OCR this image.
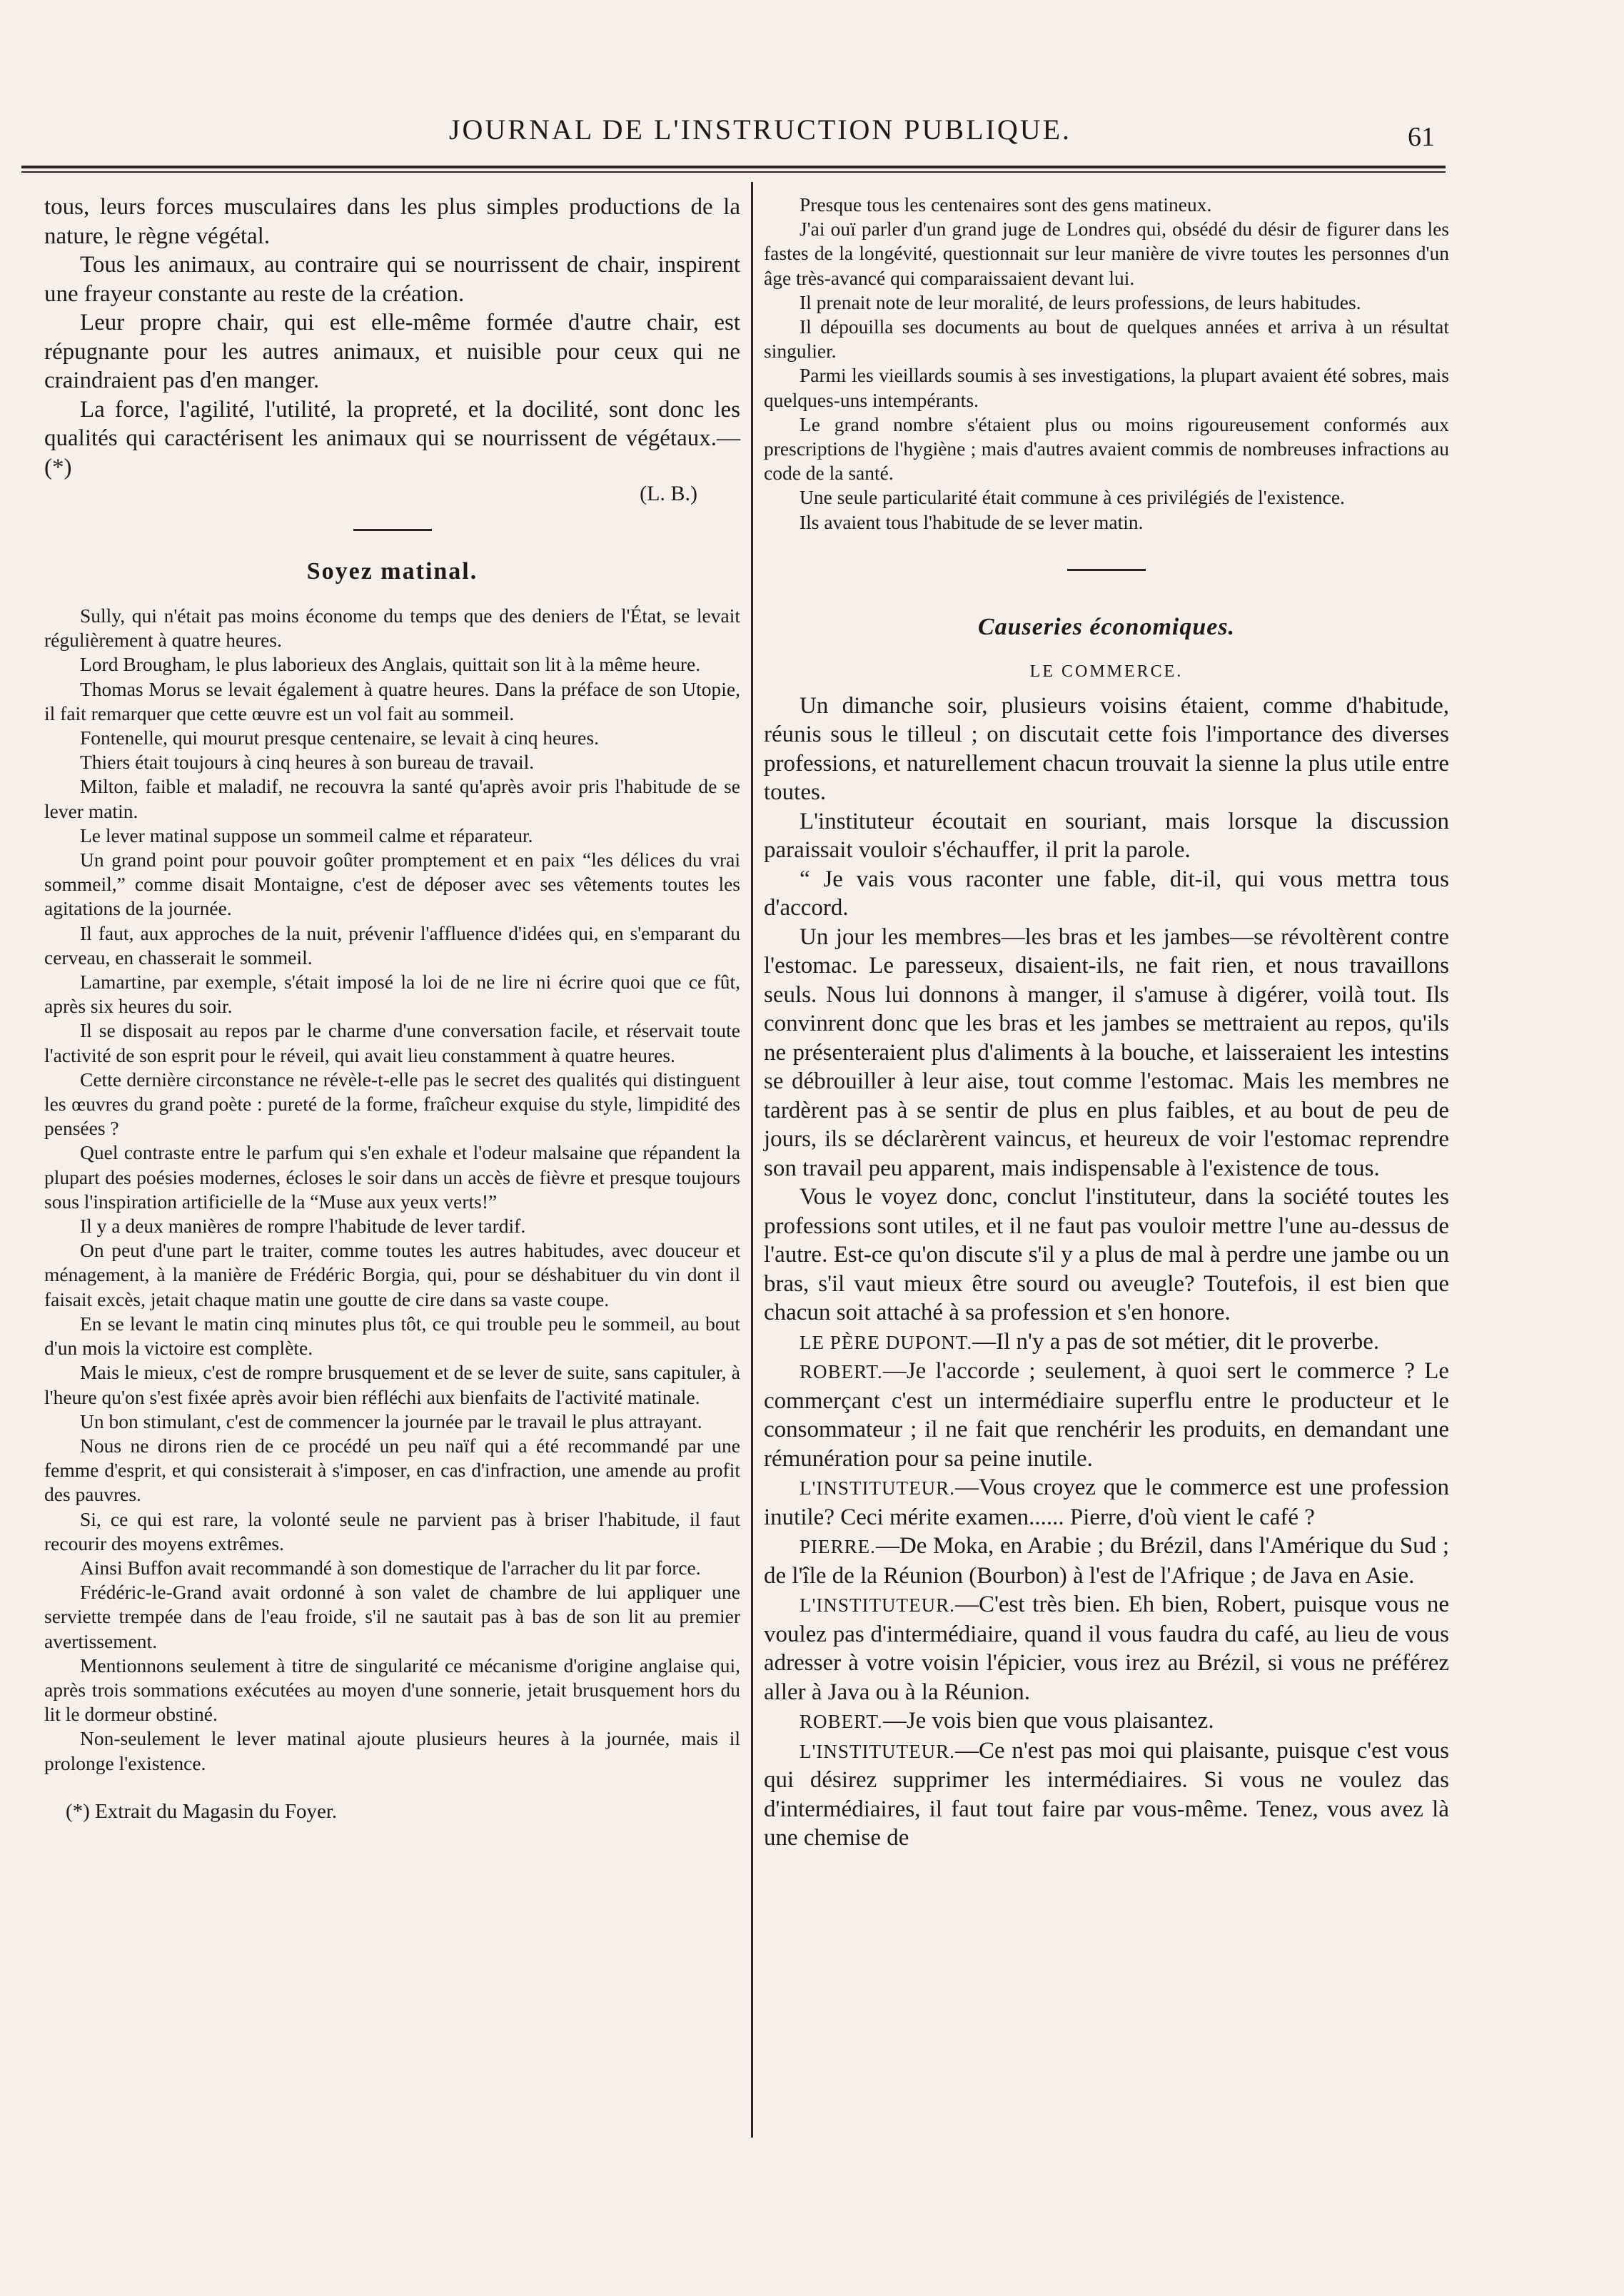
JOURNAL DE L'INSTRUCTION PUBLIQUE.	61

tous, leurs forces musculaires dans les plus simples productions de la nature, le règne végétal.

Tous les animaux, au contraire qui se nourrissent de chair, inspirent une frayeur constante au reste de la création.

Leur propre chair, qui est elle-même formée d'autre chair, est répugnante pour les autres animaux, et nuisible pour ceux qui ne craindraient pas d'en manger.

La force, l'agilité, l'utilité, la propreté, et la docilité, sont donc les qualités qui caractérisent les animaux qui se nourrissent de végétaux.—(*)

(L. B.)

Soyez matinal.

Sully, qui n'était pas moins économe du temps que des deniers de l'État, se levait régulièrement à quatre heures.

Lord Brougham, le plus laborieux des Anglais, quittait son lit à la même heure.

Thomas Morus se levait également à quatre heures. Dans la préface de son Utopie, il fait remarquer que cette œuvre est un vol fait au sommeil.

Fontenelle, qui mourut presque centenaire, se levait à cinq heures.

Thiers était toujours à cinq heures à son bureau de travail.

Milton, faible et maladif, ne recouvra la santé qu'après avoir pris l'habitude de se lever matin.

Le lever matinal suppose un sommeil calme et réparateur.

Un grand point pour pouvoir goûter promptement et en paix “les délices du vrai sommeil,” comme disait Montaigne, c'est de déposer avec ses vêtements toutes les agitations de la journée.

Il faut, aux approches de la nuit, prévenir l'affluence d'idées qui, en s'emparant du cerveau, en chasserait le sommeil.

Lamartine, par exemple, s'était imposé la loi de ne lire ni écrire quoi que ce fût, après six heures du soir.

Il se disposait au repos par le charme d'une conversation facile, et réservait toute l'activité de son esprit pour le réveil, qui avait lieu constamment à quatre heures.

Cette dernière circonstance ne révèle-t-elle pas le secret des qualités qui distinguent les œuvres du grand poète : pureté de la forme, fraîcheur exquise du style, limpidité des pensées ?

Quel contraste entre le parfum qui s'en exhale et l'odeur malsaine que répandent la plupart des poésies modernes, écloses le soir dans un accès de fièvre et presque toujours sous l'inspiration artificielle de la “Muse aux yeux verts!”

Il y a deux manières de rompre l'habitude de lever tardif.

On peut d'une part le traiter, comme toutes les autres habitudes, avec douceur et ménagement, à la manière de Frédéric Borgia, qui, pour se déshabituer du vin dont il faisait excès, jetait chaque matin une goutte de cire dans sa vaste coupe.

En se levant le matin cinq minutes plus tôt, ce qui trouble peu le sommeil, au bout d'un mois la victoire est complète.

Mais le mieux, c'est de rompre brusquement et de se lever de suite, sans capituler, à l'heure qu'on s'est fixée après avoir bien réfléchi aux bienfaits de l'activité matinale.

Un bon stimulant, c'est de commencer la journée par le travail le plus attrayant.

Nous ne dirons rien de ce procédé un peu naïf qui a été recommandé par une femme d'esprit, et qui consisterait à s'imposer, en cas d'infraction, une amende au profit des pauvres.

Si, ce qui est rare, la volonté seule ne parvient pas à briser l'habitude, il faut recourir des moyens extrêmes.

Ainsi Buffon avait recommandé à son domestique de l'arracher du lit par force.

Frédéric-le-Grand avait ordonné à son valet de chambre de lui appliquer une serviette trempée dans de l'eau froide, s'il ne sautait pas à bas de son lit au premier avertissement.

Mentionnons seulement à titre de singularité ce mécanisme d'origine anglaise qui, après trois sommations exécutées au moyen d'une sonnerie, jetait brusquement hors du lit le dormeur obstiné.

Non-seulement le lever matinal ajoute plusieurs heures à la journée, mais il prolonge l'existence.

(*) Extrait du Magasin du Foyer.

Presque tous les centenaires sont des gens matineux.

J'ai ouï parler d'un grand juge de Londres qui, obsédé du désir de figurer dans les fastes de la longévité, questionnait sur leur manière de vivre toutes les personnes d'un âge très-avancé qui comparaissaient devant lui.

Il prenait note de leur moralité, de leurs professions, de leurs habitudes.

Il dépouilla ses documents au bout de quelques années et arriva à un résultat singulier.

Parmi les vieillards soumis à ses investigations, la plupart avaient été sobres, mais quelques-uns intempérants.

Le grand nombre s'étaient plus ou moins rigoureusement conformés aux prescriptions de l'hygiène ; mais d'autres avaient commis de nombreuses infractions au code de la santé.

Une seule particularité était commune à ces privilégiés de l'existence.

Ils avaient tous l'habitude de se lever matin.

Causeries économiques.
LE COMMERCE.

Un dimanche soir, plusieurs voisins étaient, comme d'habitude, réunis sous le tilleul ; on discutait cette fois l'importance des diverses professions, et naturellement chacun trouvait la sienne la plus utile entre toutes.

L'instituteur écoutait en souriant, mais lorsque la discussion paraissait vouloir s'échauffer, il prit la parole.

“ Je vais vous raconter une fable, dit-il, qui vous mettra tous d'accord.

Un jour les membres—les bras et les jambes—se révoltèrent contre l'estomac. Le paresseux, disaient-ils, ne fait rien, et nous travaillons seuls. Nous lui donnons à manger, il s'amuse à digérer, voilà tout. Ils convinrent donc que les bras et les jambes se mettraient au repos, qu'ils ne présenteraient plus d'aliments à la bouche, et laisseraient les intestins se débrouiller à leur aise, tout comme l'estomac. Mais les membres ne tardèrent pas à se sentir de plus en plus faibles, et au bout de peu de jours, ils se déclarèrent vaincus, et heureux de voir l'estomac reprendre son travail peu apparent, mais indispensable à l'existence de tous.

Vous le voyez donc, conclut l'instituteur, dans la société toutes les professions sont utiles, et il ne faut pas vouloir mettre l'une au-dessus de l'autre. Est-ce qu'on discute s'il y a plus de mal à perdre une jambe ou un bras, s'il vaut mieux être sourd ou aveugle? Toutefois, il est bien que chacun soit attaché à sa profession et s'en honore.

LE PÈRE DUPONT.—Il n'y a pas de sot métier, dit le proverbe.

ROBERT.—Je l'accorde ; seulement, à quoi sert le commerce ? Le commerçant c'est un intermédiaire superflu entre le producteur et le consommateur ; il ne fait que renchérir les produits, en demandant une rémunération pour sa peine inutile.

L'INSTITUTEUR.—Vous croyez que le commerce est une profession inutile? Ceci mérite examen...... Pierre, d'où vient le café ?

PIERRE.—De Moka, en Arabie ; du Brézil, dans l'Amérique du Sud ; de l'île de la Réunion (Bourbon) à l'est de l'Afrique ; de Java en Asie.

L'INSTITUTEUR.—C'est très bien. Eh bien, Robert, puisque vous ne voulez pas d'intermédiaire, quand il vous faudra du café, au lieu de vous adresser à votre voisin l'épicier, vous irez au Brézil, si vous ne préférez aller à Java ou à la Réunion.

ROBERT.—Je vois bien que vous plaisantez.

L'INSTITUTEUR.—Ce n'est pas moi qui plaisante, puisque c'est vous qui désirez supprimer les intermédiaires. Si vous ne voulez das d'intermédiaires, il faut tout faire par vous-même. Tenez, vous avez là une chemise de
